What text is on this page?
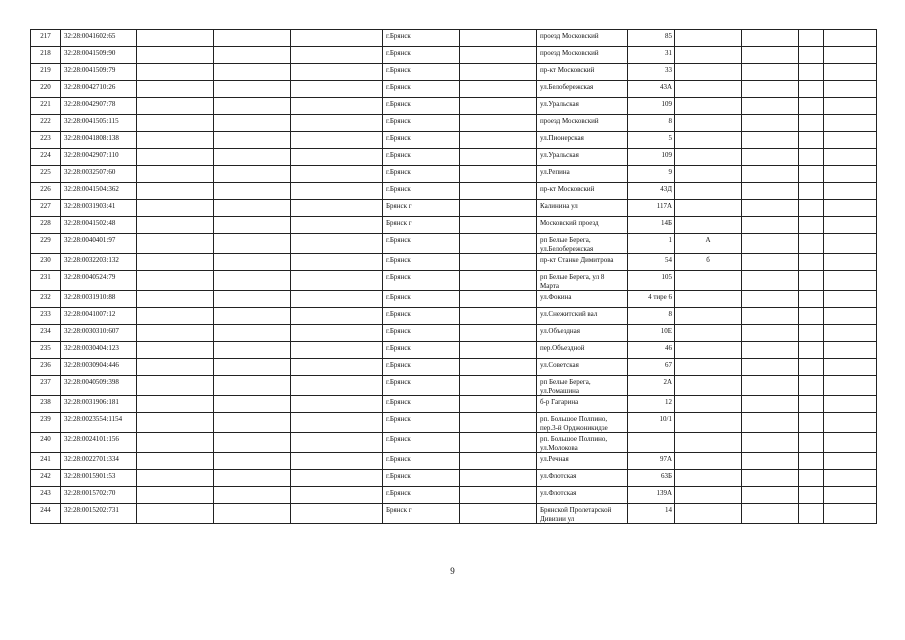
217	32:28:0041602:65				г.Брянск		проезд Московский	85				
218	32:28:0041509:90				г.Брянск		проезд Московский	31				
219	32:28:0041509:79				г.Брянск		пр-кт Московский	33				
220	32:28:0042710:26				г.Брянск		ул.Белобережская	43А				
221	32:28:0042907:78				г.Брянск		ул.Уральская	109				
222	32:28:0041505:115				г.Брянск		проезд Московский	8				
223	32:28:0041808:138				г.Брянск		ул.Пионерская	5				
224	32:28:0042907:110				г.Брянск		ул.Уральская	109				
225	32:28:0032507:60				г.Брянск		ул.Репина	9				
226	32:28:0041504:362				г.Брянск		пр-кт Московский	43Д				
227	32:28:0031903:41				Брянск г		Калинина ул	117А				
228	32:28:0041502:48				Брянск г		Московский проезд	14Б				
229	32:28:0040401:97				г.Брянск		рп Белые Берега, ул.Белобережская	1	А			
230	32:28:0032203:132				г.Брянск		пр-кт Станке Димитрова	54	б			
231	32:28:0040524:79				г.Брянск		рп Белые Берега, ул 8 Марта	105				
232	32:28:0031910:88				г.Брянск		ул.Фокина	4 тире 6				
233	32:28:0041007:12				г.Брянск		ул.Снежитский вал	8				
234	32:28:0030310:607				г.Брянск		ул.Объездная	10Е				
235	32:28:0030404:123				г.Брянск		пер.Объездной	46				
236	32:28:0030904:446				г.Брянск		ул.Советская	67				
237	32:28:0040509:398				г.Брянск		рп Белые Берега, ул.Ромашина	2А				
238	32:28:0031906:181				г.Брянск		б-р Гагарина	12				
239	32:28:0023554:1154				г.Брянск		рп. Большое Полпино, пер.3-й Орджоникидзе	10/1				
240	32:28:0024101:156				г.Брянск		рп. Большое Полпино, ул.Молокова					
241	32:28:0022701:334				г.Брянск		ул.Речная	97А				
242	32:28:0015901:53				г.Брянск		ул.Флотская	63Б				
243	32:28:0015702:70				г.Брянск		ул.Флотская	139А				
244	32:28:0015202:731				Брянск г		Брянской Пролетарской Дивизии ул	14				
9
